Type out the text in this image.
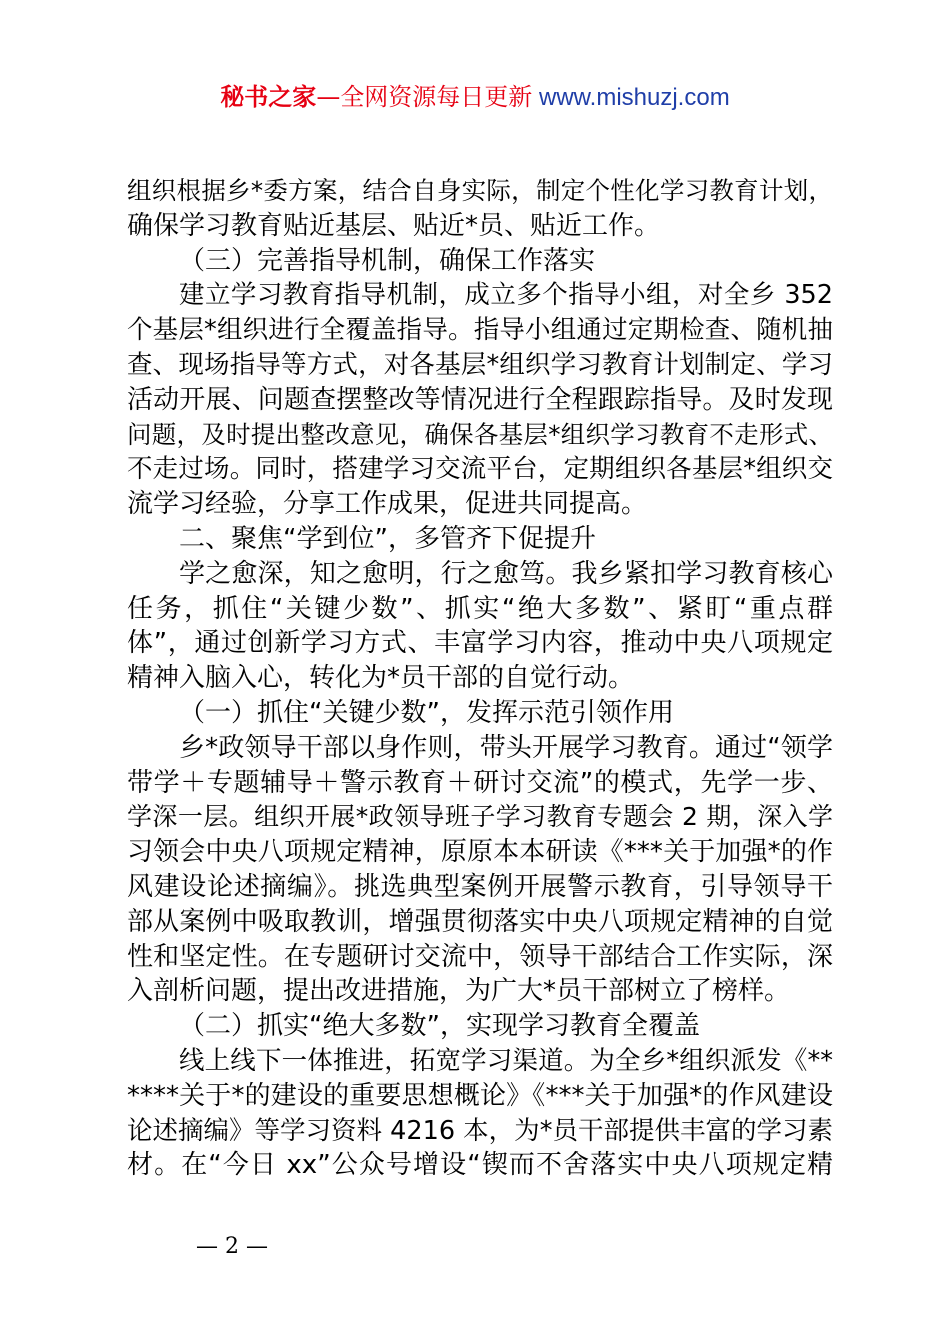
秘书之家—全网资源每日更新 www.mishuzj.com
组织根据乡*委方案，结合自身实际，制定个性化学习教育计划，
确保学习教育贴近基层、贴近*员、贴近工作。
（三）完善指导机制，确保工作落实
建立学习教育指导机制，成立多个指导小组，对全乡 352
个基层*组织进行全覆盖指导。指导小组通过定期检查、随机抽
查、现场指导等方式，对各基层*组织学习教育计划制定、学习
活动开展、问题查摆整改等情况进行全程跟踪指导。及时发现
问题，及时提出整改意见，确保各基层*组织学习教育不走形式、
不走过场。同时，搭建学习交流平台，定期组织各基层*组织交
流学习经验，分享工作成果，促进共同提高。
二、聚焦“学到位”，多管齐下促提升
学之愈深，知之愈明，行之愈笃。我乡紧扣学习教育核心
任务，抓住“关键少数”、抓实“绝大多数”、紧盯“重点群
体”，通过创新学习方式、丰富学习内容，推动中央八项规定
精神入脑入心，转化为*员干部的自觉行动。
（一）抓住“关键少数”，发挥示范引领作用
乡*政领导干部以身作则，带头开展学习教育。通过“领学
带学＋专题辅导＋警示教育＋研讨交流”的模式，先学一步、
学深一层。组织开展*政领导班子学习教育专题会 2 期，深入学
习领会中央八项规定精神，原原本本研读《***关于加强*的作
风建设论述摘编》。挑选典型案例开展警示教育，引导领导干
部从案例中吸取教训，增强贯彻落实中央八项规定精神的自觉
性和坚定性。在专题研讨交流中，领导干部结合工作实际，深
入剖析问题，提出改进措施，为广大*员干部树立了榜样。
（二）抓实“绝大多数”，实现学习教育全覆盖
线上线下一体推进，拓宽学习渠道。为全乡*组织派发《**
****关于*的建设的重要思想概论》《***关于加强*的作风建设
论述摘编》等学习资料 4216 本，为*员干部提供丰富的学习素
材。在“今日 xx”公众号增设“锲而不舍落实中央八项规定精
— 2 —
